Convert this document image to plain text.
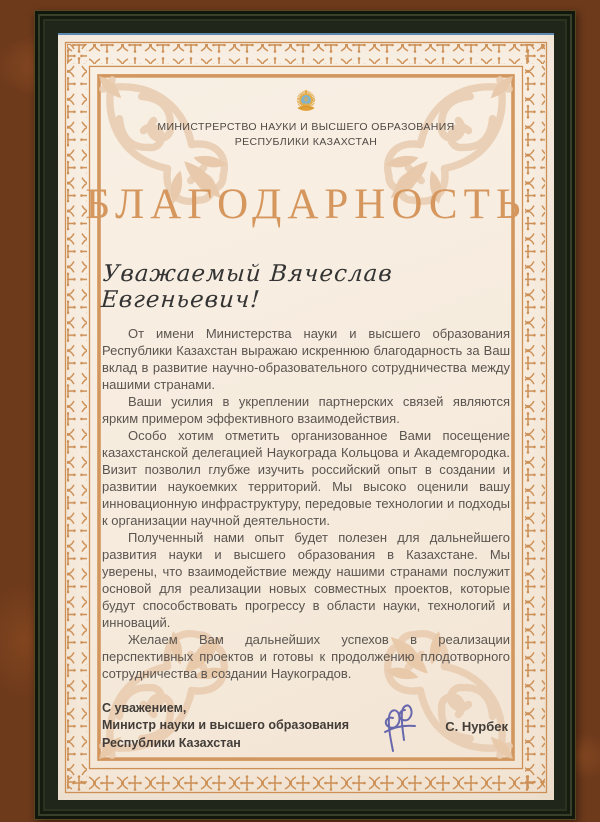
МИНИСТРЕРСТВО НАУКИ И ВЫСШЕГО ОБРАЗОВАНИЯ
РЕСПУБЛИКИ КАЗАХСТАН
БЛАГОДАРНОСТЬ
Уважаемый Вячеслав Евгеньевич!

От имени Министерства науки и высшего образования Республики Казахстан выражаю искреннюю благодарность за Ваш вклад в развитие научно-образовательного сотрудничества между нашими странами.

Ваши усилия в укреплении партнерских связей являются ярким примером эффективного взаимодействия.

Особо хотим отметить организованное Вами посещение казахстанской делегацией Наукограда Кольцова и Академгородка. Визит позволил глубже изучить российский опыт в создании и развитии наукоемких территорий. Мы высоко оценили вашу инновационную инфраструктуру, передовые технологии и подходы к организации научной деятельности.

Полученный нами опыт будет полезен для дальнейшего развития науки и высшего образования в Казахстане. Мы уверены, что взаимодействие между нашими странами послужит основой для реализации новых совместных проектов, которые будут способствовать прогрессу в области науки, технологий и инноваций.

Желаем Вам дальнейших успехов в реализации перспективных проектов и готовы к продолжению плодотворного сотрудничества в создании Наукоградов.

С уважением,
Министр науки и высшего образования
Республики Казахстан
С. Нурбек
